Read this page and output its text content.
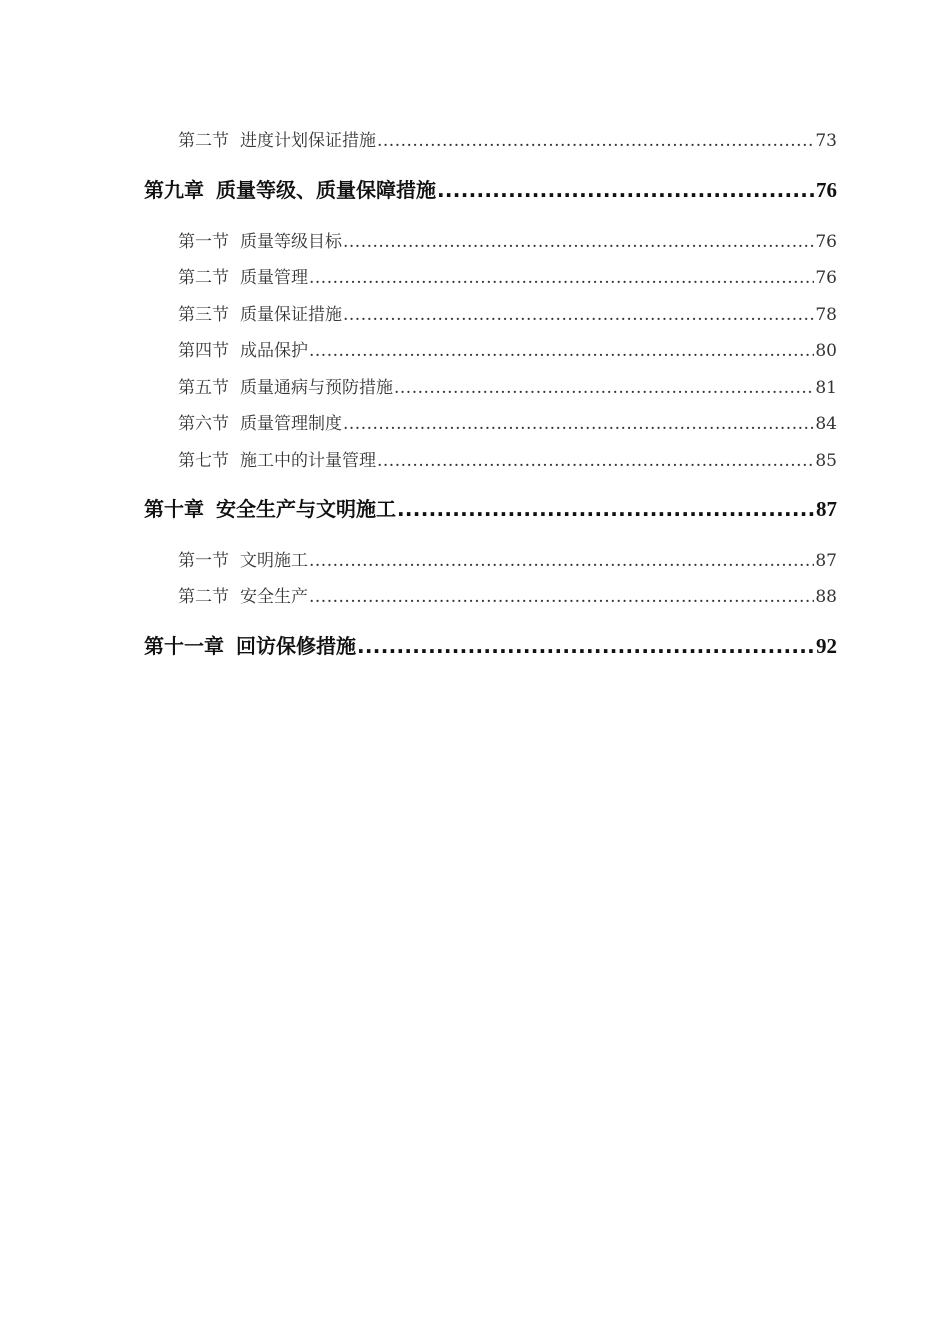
第二节 进度计划保证措施 .....	73
第九章 质量等级、质量保障措施 .....	76
第一节 质量等级目标 .....	76
第二节 质量管理 .....	76
第三节 质量保证措施 .....	78
第四节 成品保护 .....	80
第五节 质量通病与预防措施 .....	81
第六节 质量管理制度 .....	84
第七节 施工中的计量管理 .....	85
第十章 安全生产与文明施工 .....	87
第一节 文明施工 .....	87
第二节 安全生产 .....	88
第十一章 回访保修措施 .....	92
